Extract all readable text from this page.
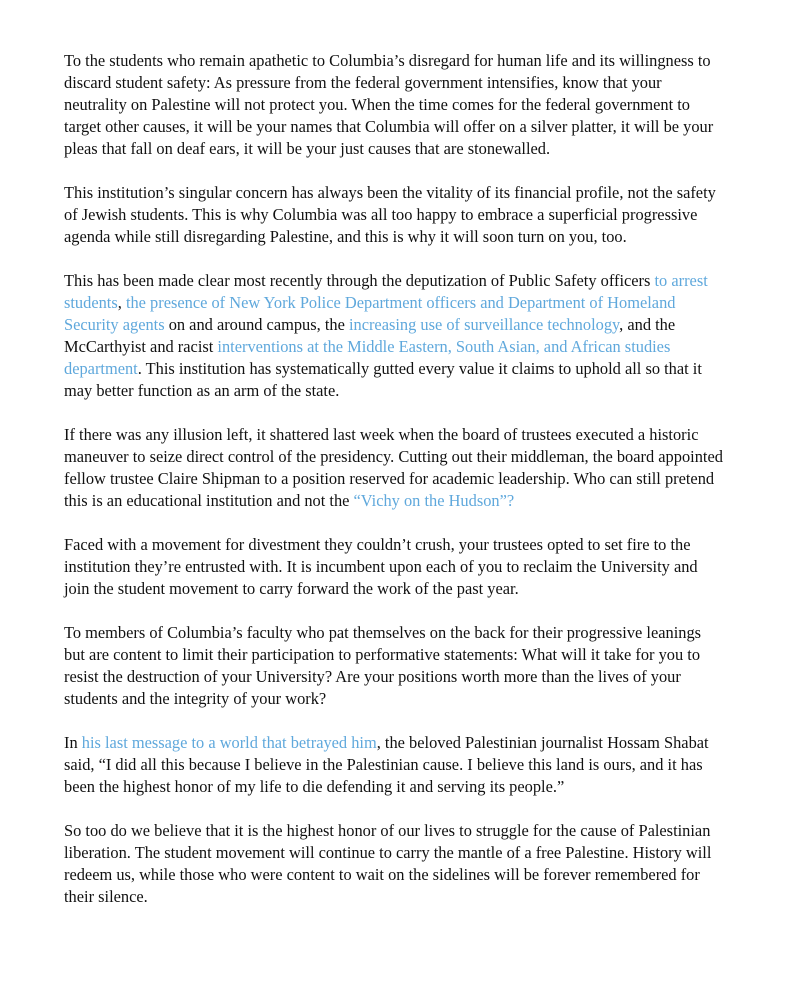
To the students who remain apathetic to Columbia’s disregard for human life and its willingness to discard student safety: As pressure from the federal government intensifies, know that your neutrality on Palestine will not protect you. When the time comes for the federal government to target other causes, it will be your names that Columbia will offer on a silver platter, it will be your pleas that fall on deaf ears, it will be your just causes that are stonewalled.

This institution’s singular concern has always been the vitality of its financial profile, not the safety of Jewish students. This is why Columbia was all too happy to embrace a superficial progressive agenda while still disregarding Palestine, and this is why it will soon turn on you, too.

This has been made clear most recently through the deputization of Public Safety officers to arrest students, the presence of New York Police Department officers and Department of Homeland Security agents on and around campus, the increasing use of surveillance technology, and the McCarthyist and racist interventions at the Middle Eastern, South Asian, and African studies department. This institution has systematically gutted every value it claims to uphold all so that it may better function as an arm of the state.

If there was any illusion left, it shattered last week when the board of trustees executed a historic maneuver to seize direct control of the presidency. Cutting out their middleman, the board appointed fellow trustee Claire Shipman to a position reserved for academic leadership. Who can still pretend this is an educational institution and not the “Vichy on the Hudson”?

Faced with a movement for divestment they couldn’t crush, your trustees opted to set fire to the institution they’re entrusted with. It is incumbent upon each of you to reclaim the University and join the student movement to carry forward the work of the past year.

To members of Columbia’s faculty who pat themselves on the back for their progressive leanings but are content to limit their participation to performative statements: What will it take for you to resist the destruction of your University? Are your positions worth more than the lives of your students and the integrity of your work?

In his last message to a world that betrayed him, the beloved Palestinian journalist Hossam Shabat said, “I did all this because I believe in the Palestinian cause. I believe this land is ours, and it has been the highest honor of my life to die defending it and serving its people.”

So too do we believe that it is the highest honor of our lives to struggle for the cause of Palestinian liberation. The student movement will continue to carry the mantle of a free Palestine. History will redeem us, while those who were content to wait on the sidelines will be forever remembered for their silence.
